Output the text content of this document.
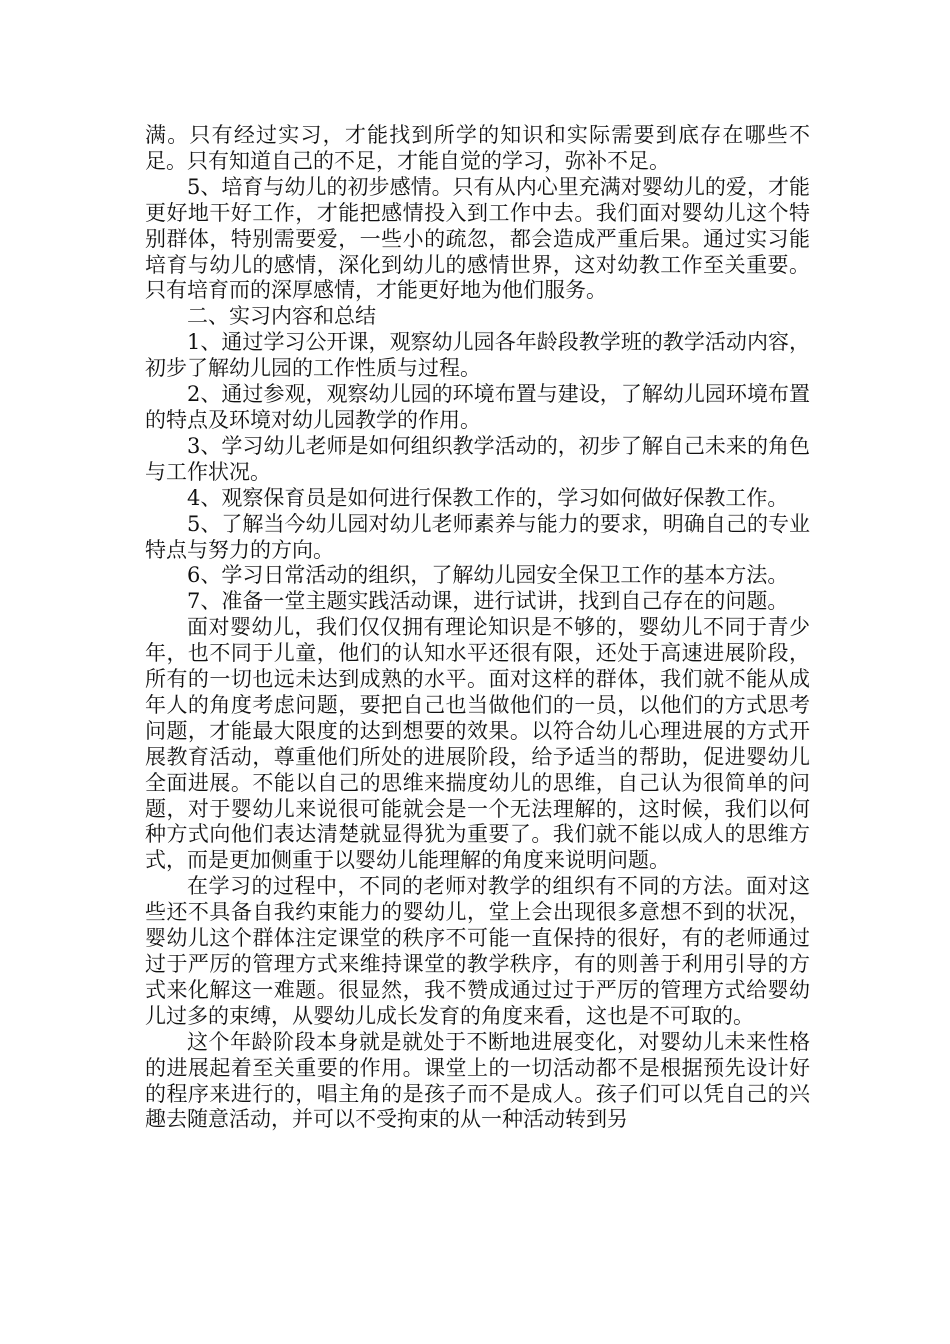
满。只有经过实习，才能找到所学的知识和实际需要到底存在哪些不足。只有知道自己的不足，才能自觉的学习，弥补不足。

5、培育与幼儿的初步感情。只有从内心里充满对婴幼儿的爱，才能更好地干好工作，才能把感情投入到工作中去。我们面对婴幼儿这个特别群体，特别需要爱，一些小的疏忽，都会造成严重后果。通过实习能培育与幼儿的感情，深化到幼儿的感情世界，这对幼教工作至关重要。只有培育而的深厚感情，才能更好地为他们服务。

二、实习内容和总结

1、通过学习公开课，观察幼儿园各年龄段教学班的教学活动内容，初步了解幼儿园的工作性质与过程。

2、通过参观，观察幼儿园的环境布置与建设，了解幼儿园环境布置的特点及环境对幼儿园教学的作用。

3、学习幼儿老师是如何组织教学活动的，初步了解自己未来的角色与工作状况。

4、观察保育员是如何进行保教工作的，学习如何做好保教工作。

5、了解当今幼儿园对幼儿老师素养与能力的要求，明确自己的专业特点与努力的方向。

6、学习日常活动的组织，了解幼儿园安全保卫工作的基本方法。

7、准备一堂主题实践活动课，进行试讲，找到自己存在的问题。

面对婴幼儿，我们仅仅拥有理论知识是不够的，婴幼儿不同于青少年，也不同于儿童，他们的认知水平还很有限，还处于高速进展阶段，所有的一切也远未达到成熟的水平。面对这样的群体，我们就不能从成年人的角度考虑问题，要把自己也当做他们的一员，以他们的方式思考问题，才能最大限度的达到想要的效果。以符合幼儿心理进展的方式开展教育活动，尊重他们所处的进展阶段，给予适当的帮助，促进婴幼儿全面进展。不能以自己的思维来揣度幼儿的思维，自己认为很简单的问题，对于婴幼儿来说很可能就会是一个无法理解的，这时候，我们以何种方式向他们表达清楚就显得犹为重要了。我们就不能以成人的思维方式，而是更加侧重于以婴幼儿能理解的角度来说明问题。

在学习的过程中，不同的老师对教学的组织有不同的方法。面对这些还不具备自我约束能力的婴幼儿，堂上会出现很多意想不到的状况，婴幼儿这个群体注定课堂的秩序不可能一直保持的很好，有的老师通过过于严厉的管理方式来维持课堂的教学秩序，有的则善于利用引导的方式来化解这一难题。很显然，我不赞成通过过于严厉的管理方式给婴幼儿过多的束缚，从婴幼儿成长发育的角度来看，这也是不可取的。

这个年龄阶段本身就是就处于不断地进展变化，对婴幼儿未来性格的进展起着至关重要的作用。课堂上的一切活动都不是根据预先设计好的程序来进行的，唱主角的是孩子而不是成人。孩子们可以凭自己的兴趣去随意活动，并可以不受拘束的从一种活动转到另
